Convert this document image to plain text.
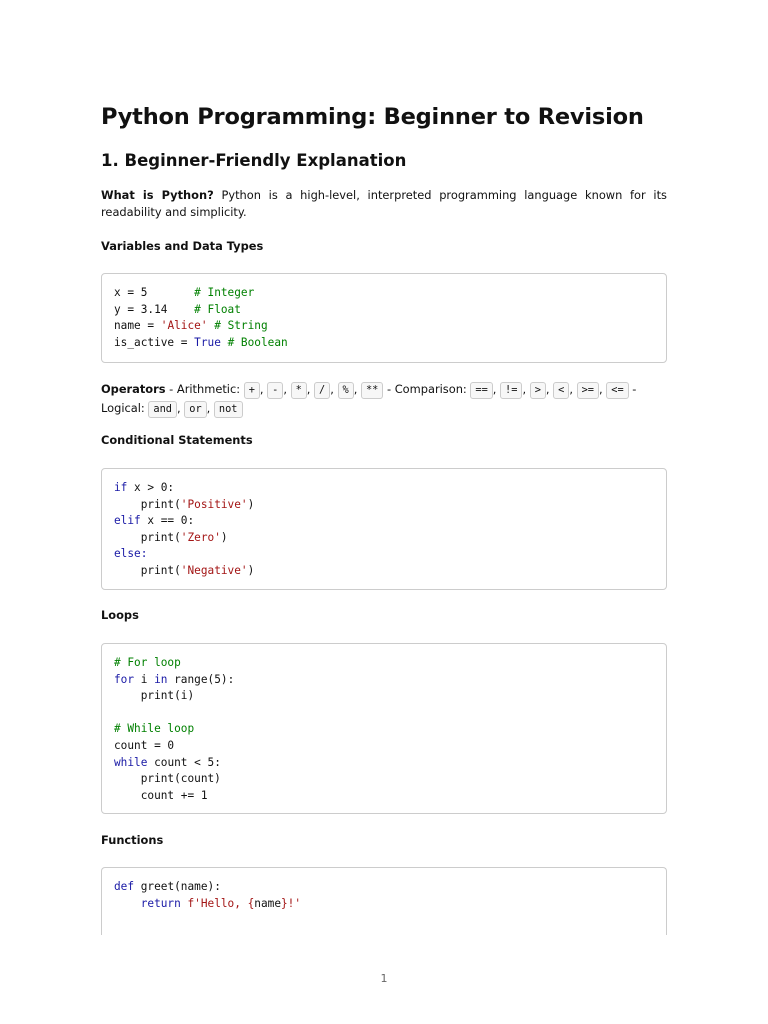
Python Programming: Beginner to Revision
1. Beginner-Friendly Explanation

What is Python? Python is a high-level, interpreted programming language known for its readability and simplicity.

Variables and Data Types

x = 5       # Integer
y = 3.14    # Float
name = 'Alice' # String
is_active = True # Boolean

Operators - Arithmetic: + , - , * , / , % , ** - Comparison: == , != , > , < , >= , <= - Logical: and , or , not

Conditional Statements

if x > 0:
print('Positive')
elif x == 0:
print('Zero')
else:
print('Negative')

Loops

# For loop
for i in range(5):
print(i)

# While loop
count = 0
while count < 5:
print(count)
count += 1

Functions

def greet(name):
return f'Hello, {name}!'
1
